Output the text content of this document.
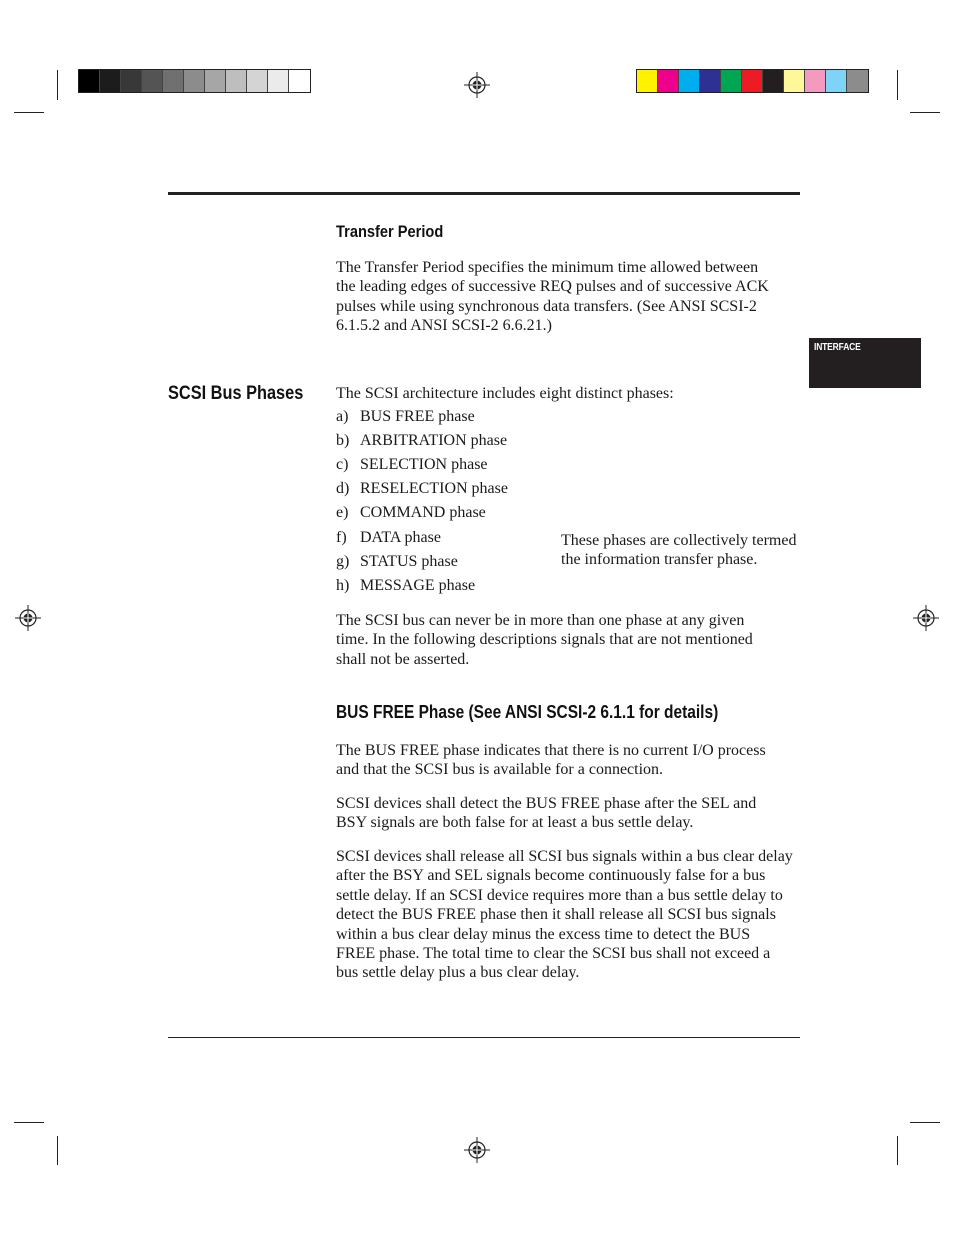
INTERFACE
Transfer Period
The Transfer Period specifies the minimum time allowed between
the leading edges of successive REQ pulses and of successive ACK
pulses while using synchronous data transfers. (See ANSI SCSI-2
6.1.5.2 and ANSI SCSI-2 6.6.21.)
SCSI Bus Phases The SCSI architecture includes eight distinct phases:
a) BUS FREE phase
b) ARBITRATION phase
c) SELECTION phase
d) RESELECTION phase
e) COMMAND phase
f) DATA phase
g) STATUS phase
h) MESSAGE phase
These phases are collectively termed
the information transfer phase.
The SCSI bus can never be in more than one phase at any given
time. In the following descriptions signals that are not mentioned
shall not be asserted.
BUS FREE Phase (See ANSI SCSI-2 6.1.1 for details)
The BUS FREE phase indicates that there is no current I/O process
and that the SCSI bus is available for a connection.
SCSI devices shall detect the BUS FREE phase after the SEL and
BSY signals are both false for at least a bus settle delay.
SCSI devices shall release all SCSI bus signals within a bus clear delay
after the BSY and SEL signals become continuously false for a bus
settle delay. If an SCSI device requires more than a bus settle delay to
detect the BUS FREE phase then it shall release all SCSI bus signals
within a bus clear delay minus the excess time to detect the BUS
FREE phase. The total time to clear the SCSI bus shall not exceed a
bus settle delay plus a bus clear delay.
